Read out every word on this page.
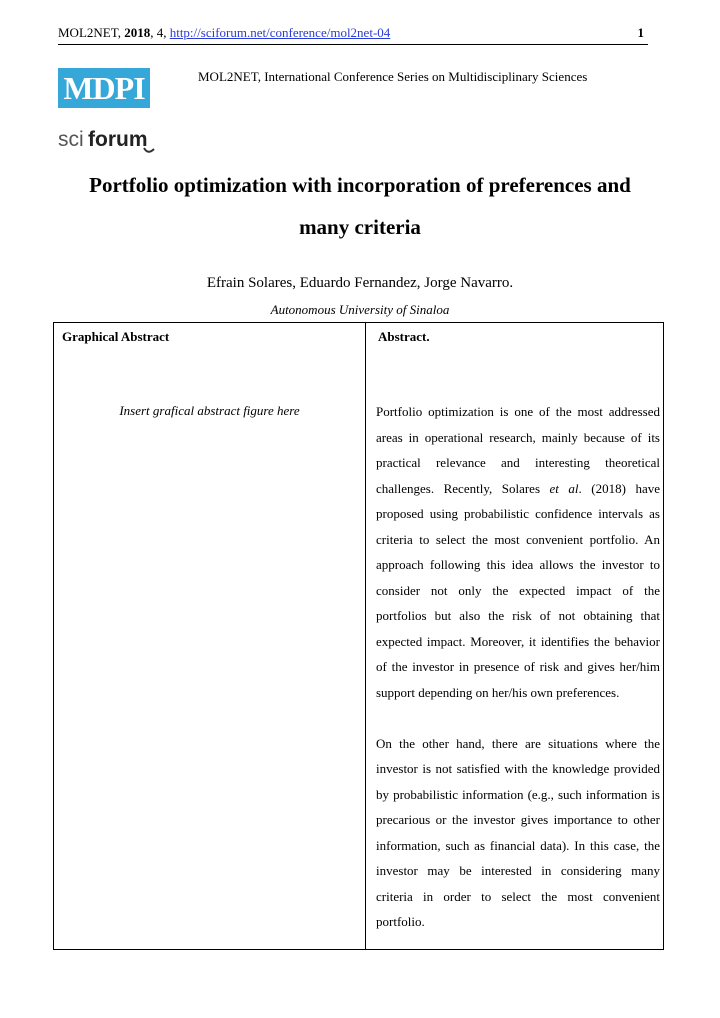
MOL2NET, 2018, 4, http://sciforum.net/conference/mol2net-04	1
MDPI	MOL2NET, International Conference Series on Multidisciplinary Sciences
sci forum
Portfolio optimization with incorporation of preferences and
many criteria
Efrain Solares, Eduardo Fernandez, Jorge Navarro.
Autonomous University of Sinaloa
Graphical Abstract	Abstract.
Insert grafical abstract figure here	Portfolio optimization is one of the most addressed areas in operational research, mainly because of its practical relevance and interesting theoretical challenges. Recently, Solares et al. (2018) have proposed using probabilistic confidence intervals as criteria to select the most convenient portfolio. An approach following this idea allows the investor to consider not only the expected impact of the portfolios but also the risk of not obtaining that expected impact. Moreover, it identifies the behavior of the investor in presence of risk and gives her/him support depending on her/his own preferences.

On the other hand, there are situations where the investor is not satisfied with the knowledge provided by probabilistic information (e.g., such information is precarious or the investor gives importance to other information, such as financial data). In this case, the investor may be interested in considering many criteria in order to select the most convenient portfolio.
